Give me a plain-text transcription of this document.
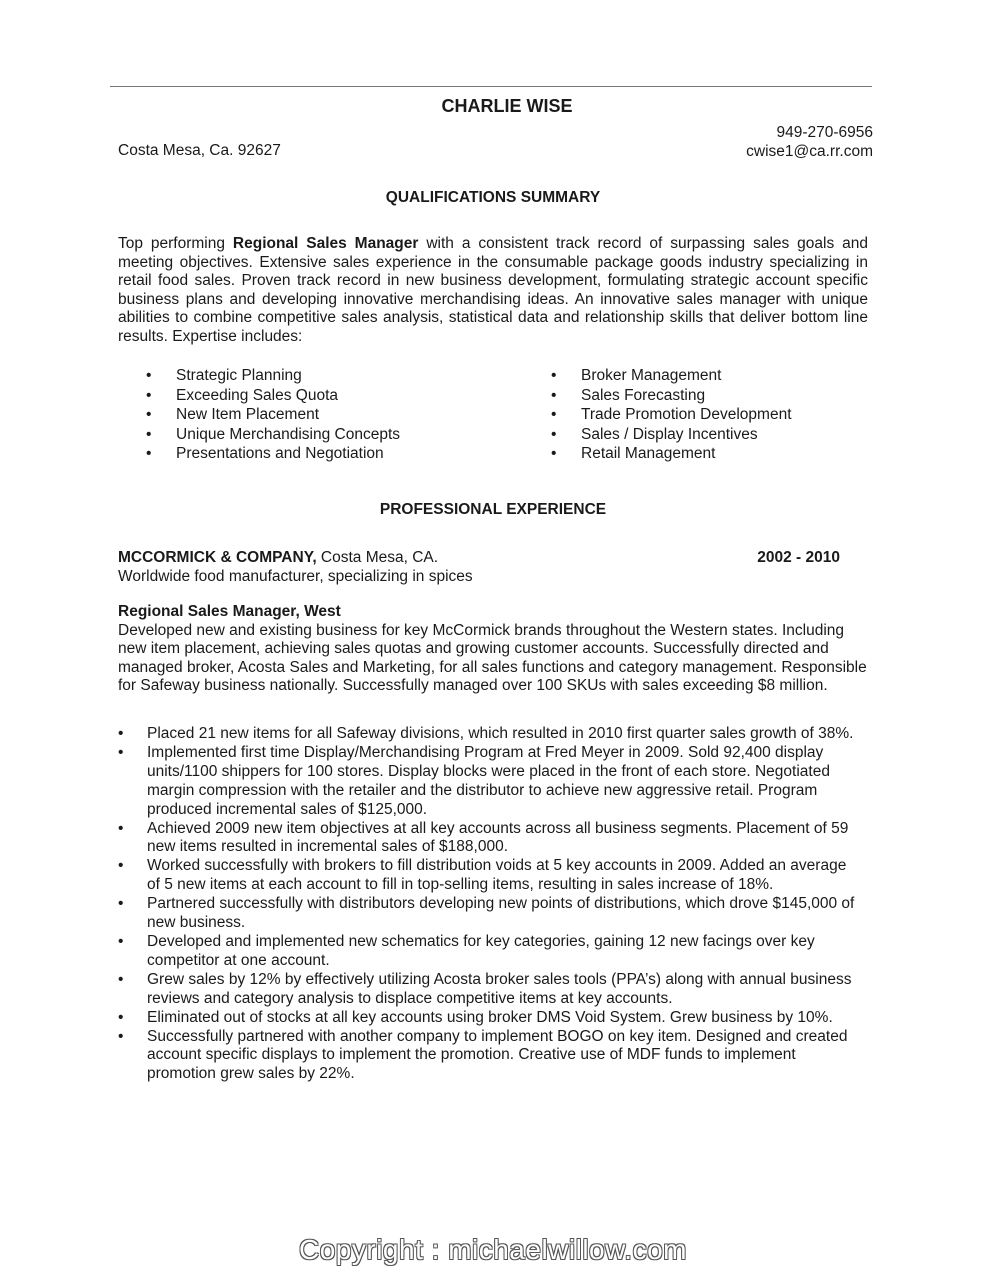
CHARLIE WISE
Costa Mesa, Ca. 92627
949-270-6956
cwise1@ca.rr.com
QUALIFICATIONS SUMMARY
Top performing Regional Sales Manager with a consistent track record of surpassing sales goals and meeting objectives. Extensive sales experience in the consumable package goods industry specializing in retail food sales. Proven track record in new business development, formulating strategic account specific business plans and developing innovative merchandising ideas. An innovative sales manager with unique abilities to combine competitive sales analysis, statistical data and relationship skills that deliver bottom line results. Expertise includes:
• Strategic Planning
• Exceeding Sales Quota
• New Item Placement
• Unique Merchandising Concepts
• Presentations and Negotiation
• Broker Management
• Sales Forecasting
• Trade Promotion Development
• Sales / Display Incentives
• Retail Management
PROFESSIONAL EXPERIENCE
MCCORMICK & COMPANY, Costa Mesa, CA.	2002 - 2010
Worldwide food manufacturer, specializing in spices
Regional Sales Manager, West
Developed new and existing business for key McCormick brands throughout the Western states. Including new item placement, achieving sales quotas and growing customer accounts. Successfully directed and managed broker, Acosta Sales and Marketing, for all sales functions and category management. Responsible for Safeway business nationally. Successfully managed over 100 SKUs with sales exceeding $8 million.
• Placed 21 new items for all Safeway divisions, which resulted in 2010 first quarter sales growth of 38%.
• Implemented first time Display/Merchandising Program at Fred Meyer in 2009. Sold 92,400 display units/1100 shippers for 100 stores. Display blocks were placed in the front of each store. Negotiated margin compression with the retailer and the distributor to achieve new aggressive retail. Program produced incremental sales of $125,000.
• Achieved 2009 new item objectives at all key accounts across all business segments. Placement of 59 new items resulted in incremental sales of $188,000.
• Worked successfully with brokers to fill distribution voids at 5 key accounts in 2009. Added an average of 5 new items at each account to fill in top-selling items, resulting in sales increase of 18%.
• Partnered successfully with distributors developing new points of distributions, which drove $145,000 of new business.
• Developed and implemented new schematics for key categories, gaining 12 new facings over key competitor at one account.
• Grew sales by 12% by effectively utilizing Acosta broker sales tools (PPA’s) along with annual business reviews and category analysis to displace competitive items at key accounts.
• Eliminated out of stocks at all key accounts using broker DMS Void System. Grew business by 10%.
• Successfully partnered with another company to implement BOGO on key item. Designed and created account specific displays to implement the promotion. Creative use of MDF funds to implement promotion grew sales by 22%.
Copyright : michaelwillow.com
